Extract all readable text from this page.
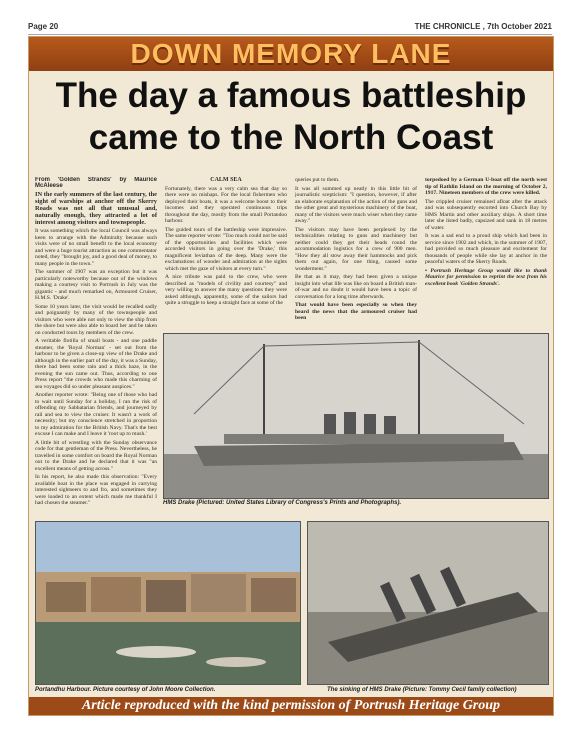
Page 20	THE CHRONICLE , 7th October 2021
DOWN MEMORY LANE
The day a famous battleship came to the North Coast

From 'Golden Strands' by Maurice McAleese

IN the early summers of the last century, the sight of warships at anchor off the Skerry Roads was not all that unusual and, naturally enough, they attracted a lot of interest among visitors and townspeople.

It was something which the local Council was always keen to arrange with the Admiralty because such visits were of no small benefit to the local economy and were a huge tourist attraction as one commentator noted, they "brought joy, and a good deal of money, to many people in the town."

The summer of 1907 was an exception but it was particularly noteworthy because out of the windows making a courtesy visit to Portrush in July was the gigantic - and much remarked on, Armoured Cruiser, H.M.S. 'Drake'.

Some 10 years later, the visit would be recalled sadly and poignantly by many of the townspeople and visitors who were able not only to view the ship from the shore but were also able to board her and be taken on conducted tours by members of the crew.

A veritable flotilla of small boats - and one paddle steamer, the 'Royal Norman' - set out from the harbour to be given a close-up view of the Drake and although in the earlier part of the day, it was a Sunday, there had been some rain and a thick haze, in the evening the sun came out. Thus, according to one Press report "the crowds who made this charming of sea voyages did so under pleasant auspices."

Another reporter wrote: "Being one of those who had to wait until Sunday for a holiday, I ran the risk of offending my Sabbatarian friends, and journeyed by rail and sea to view the cruiser. It wasn't a work of necessity; but my conscience stretched in proportion to my admiration for the British Navy. That's the best excuse I can make and I leave it 'root up to mush.'

A little bit of wrestling with the Sunday observance code for that gentleman of the Press. Nevertheless, he travelled in some comfort on board the Royal Norman out to the Drake and he declared that it was "an excellent means of getting across."

In his report, he also made this observation: "Every available boat in the place was engaged in carrying interested sightseers to and fro, and sometimes they were loaded to an extent which made me thankful I had chosen the steamer."

CALM SEA

Fortunately, there was a very calm sea that day so there were no mishaps. For the local fishermen who deployed their boats, it was a welcome boost to their incomes and they operated continuous trips throughout the day, mostly from the small Portandoo harbour.

The guided tours of the battleship were impressive. The same reporter wrote: "Too much could not be said of the opportunities and facilities which were accorded visitors in going over the 'Drake,' this magnificent leviathan of the deep. Many were the exclamations of wonder and admiration at the sights which met the gaze of visitors at every turn."

A nice tribute was paid to the crew, who were described as "models of civility and courtesy" and very willing to answer the many questions they were asked although, apparently, some of the sailors had quite a struggle to keep a straight face at some of the

queries put to them.

It was all summed up neatly in this little bit of journalistic scepticism: "I question, however, if after an elaborate explanation of the action of the guns and the other great and mysterious machinery of the boat, many of the visitors were much wiser when they came away."

The visitors may have been perplexed by the technicalities relating to guns and machinery but neither could they get their heads round the accommodation logistics for a crew of 900 men. "How they all stow away their hammocks and pick them out again, for one thing, caused some wonderment."

Be that as it may, they had been given a unique insight into what life was like on board a British man-of-war and no doubt it would have been a topic of conversation for a long time afterwards.

That would have been especially so when they heard the news that the armoured cruiser had been

torpedoed by a German U-boat off the north west tip of Rathlin Island on the morning of October 2, 1917. Nineteen members of the crew were killed.

The crippled cruiser remained afloat after the attack and was subsequently escorted into Church Bay by HMS Martin and other auxiliary ships. A short time later she listed badly, capsized and sank in 18 metres of water.

It was a sad end to a proud ship which had been in service since 1902 and which, in the summer of 1907, had provided so much pleasure and excitement for thousands of people while she lay at anchor in the peaceful waters of the Skerry Roads.

• Portrush Heritage Group would like to thank Maurice for permission to reprint the text from his excellent book 'Golden Strands'.

HMS Drake (Pictured: United States Library of Congress's Prints and Photographs).
Portandhu Harbour. Picture courtesy of John Moore Collection.	The sinking of HMS Drake (Picture: Tommy Cecil family collection)
Article reproduced with the kind permission of Portrush Heritage Group
